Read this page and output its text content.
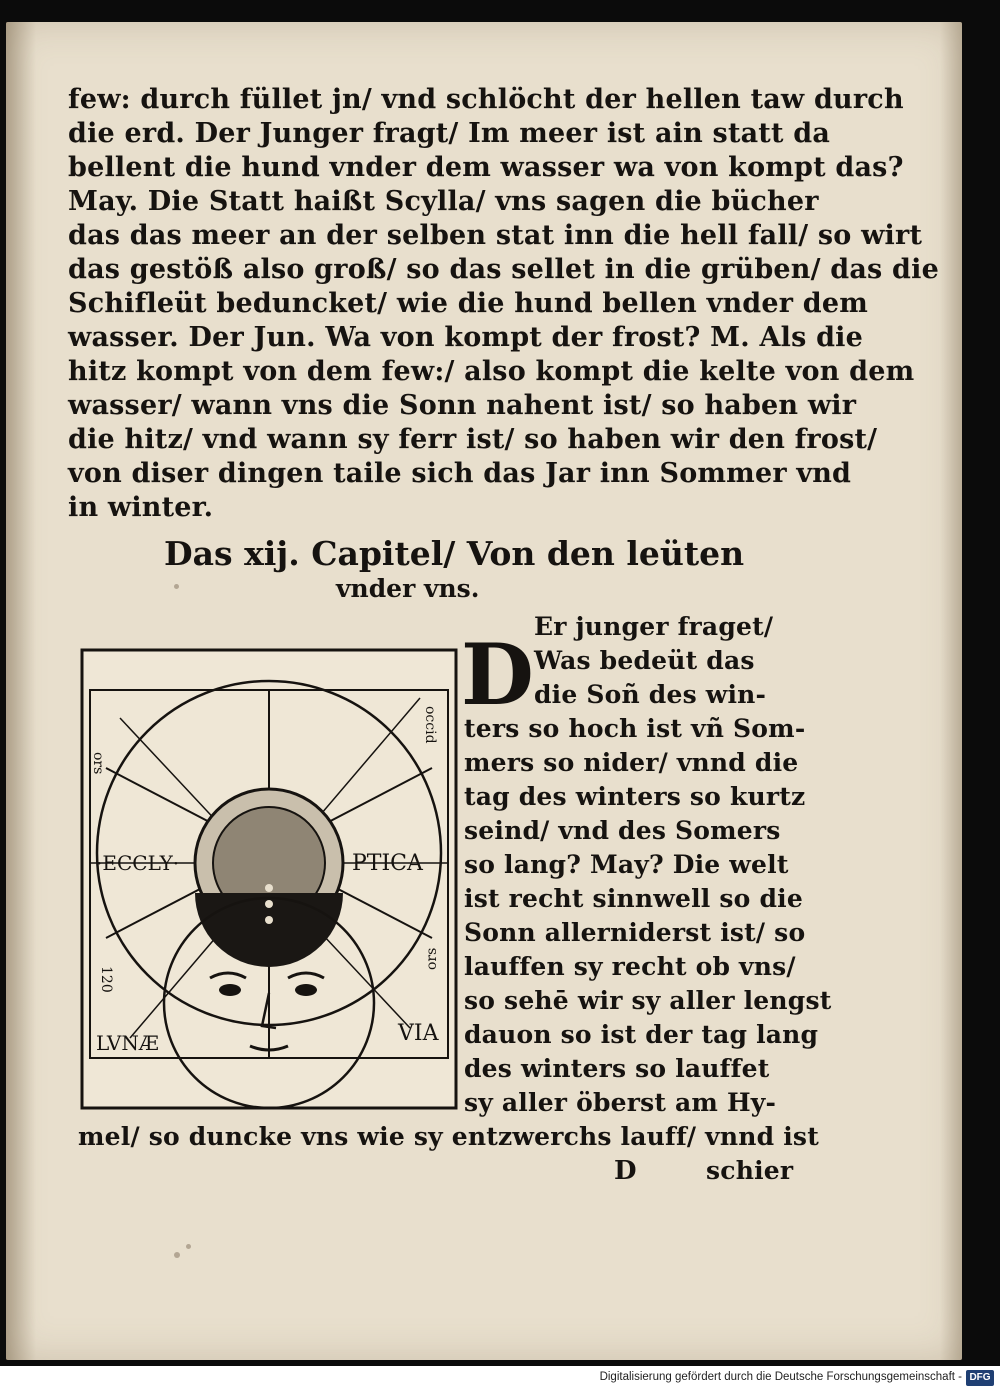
few: durch füllet jn/ vnd schlöcht der hellen taw durch
die erd. Der Junger fragt/ Im meer ist ain statt da
bellent die hund vnder dem wasser wa von kompt das?
May. Die Statt haißt Scylla/ vns sagen die bücher
das das meer an der selben stat inn die hell fall/ so wirt
das gestöß also groß/ so das sellet in die grüben/ das die
Schifleüt beduncket/ wie die hund bellen vnder dem
wasser. Der Jun. Wa von kompt der frost? M. Als die
hitz kompt von dem few:/ also kompt die kelte von dem
wasser/ wann vns die Sonn nahent ist/ so haben wir
die hitz/ vnd wann sy ferr ist/ so haben wir den frost/
von diser dingen taile sich das Jar inn Sommer vnd
in winter.
Das xij. Capitel/ Von den leüten
vnder vns.
·ECCLY·	PTICA
LVNÆ	VIA
occid
ors
120
ors
D Er junger fraget/
Was bedeüt das
die Soñ des win‑
ters so hoch ist vñ Som‑
mers so nider/ vnnd die
tag des winters so kurtz
seind/ vnd des Somers
so lang? May? Die welt
ist recht sinnwell so die
Sonn allerniderst ist/ so
lauffen sy recht ob vns/
so sehē wir sy aller lengst
dauon so ist der tag lang
des winters so lauffet
sy aller öberst am Hy‑
mel/ so duncke vns wie sy entzwerchs lauff/ vnnd ist
D	schier
Digitalisierung gefördert durch die Deutsche Forschungsgemeinschaft - DFG
